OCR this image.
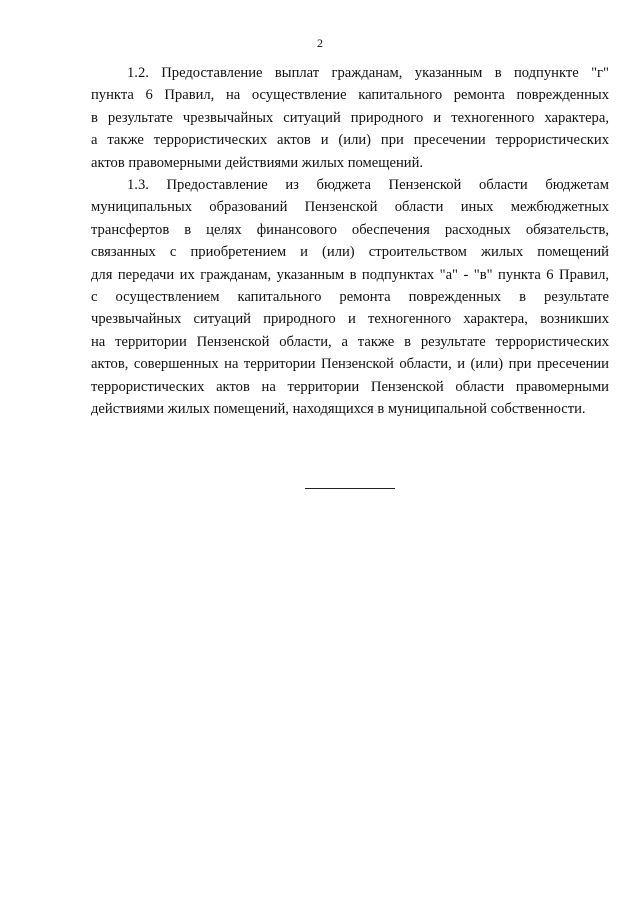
2

1.2. Предоставление выплат гражданам, указанным в подпункте "г"
пункта 6 Правил, на осуществление капитального ремонта поврежденных
в результате чрезвычайных ситуаций природного и техногенного характера,
а также террористических актов и (или) при пресечении террористических
актов правомерными действиями жилых помещений.

1.3. Предоставление из бюджета Пензенской области бюджетам
муниципальных образований Пензенской области иных межбюджетных
трансфертов в целях финансового обеспечения расходных обязательств,
связанных с приобретением и (или) строительством жилых помещений
для передачи их гражданам, указанным в подпунктах "а" - "в" пункта 6 Правил,
с осуществлением капитального ремонта поврежденных в результате
чрезвычайных ситуаций природного и техногенного характера, возникших
на территории Пензенской области, а также в результате террористических
актов, совершенных на территории Пензенской области, и (или) при пресечении
террористических актов на территории Пензенской области правомерными
действиями жилых помещений, находящихся в муниципальной собственности.
